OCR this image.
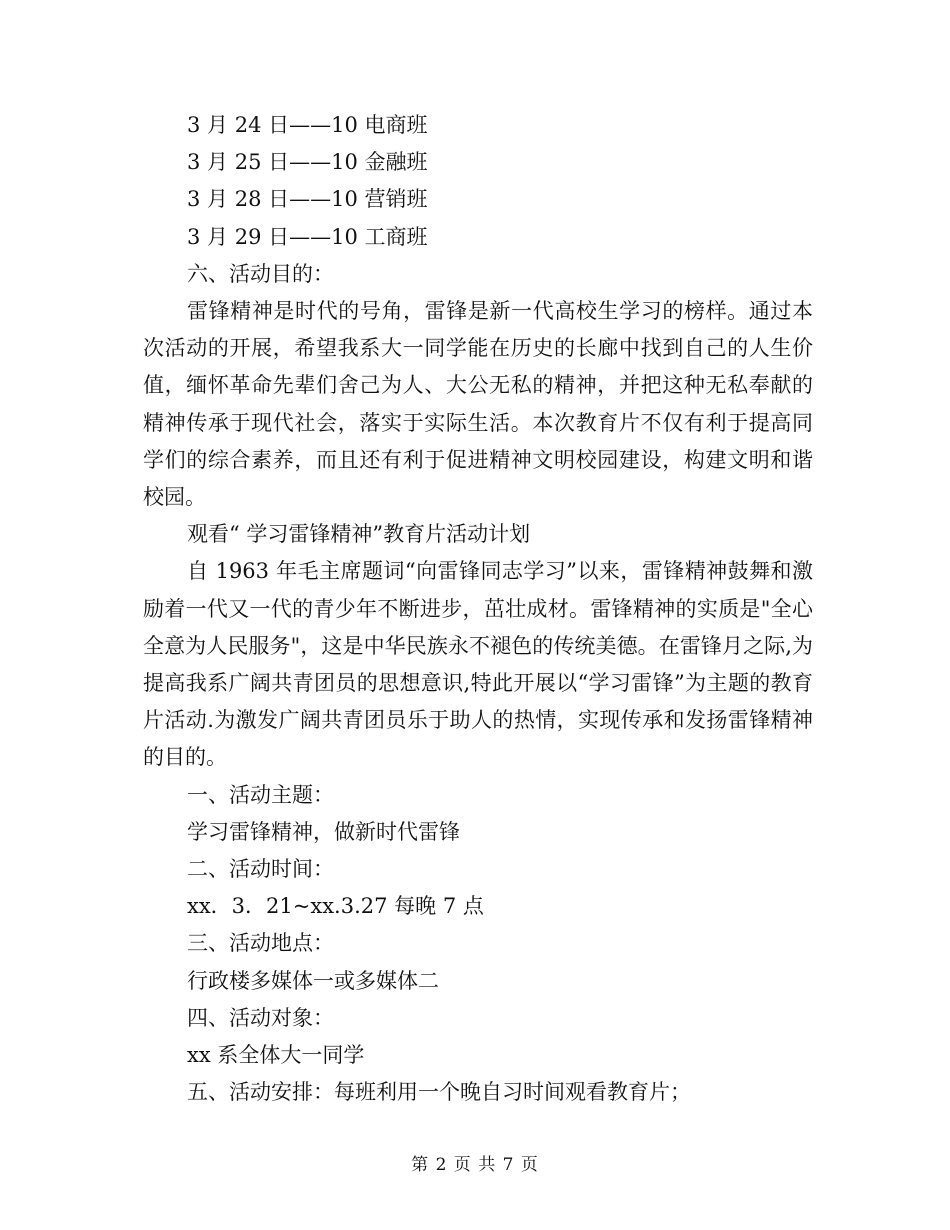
3 月 24 日——10 电商班
3 月 25 日——10 金融班
3 月 28 日——10 营销班
3 月 29 日——10 工商班
六、活动目的：
雷锋精神是时代的号角，雷锋是新一代高校生学习的榜样。通过本次活动的开展，希望我系大一同学能在历史的长廊中找到自己的人生价值，缅怀革命先辈们舍己为人、大公无私的精神，并把这种无私奉献的精神传承于现代社会，落实于实际生活。本次教育片不仅有利于提高同学们的综合素养，而且还有利于促进精神文明校园建设，构建文明和谐校园。
观看“ 学习雷锋精神”教育片活动计划
自 1963 年毛主席题词“向雷锋同志学习”以来，雷锋精神鼓舞和激励着一代又一代的青少年不断进步，茁壮成材。雷锋精神的实质是"全心全意为人民服务"，这是中华民族永不褪色的传统美德。在雷锋月之际,为提高我系广阔共青团员的思想意识,特此开展以“学习雷锋”为主题的教育片活动.为激发广阔共青团员乐于助人的热情，实现传承和发扬雷锋精神的目的。
一、活动主题：
学习雷锋精神，做新时代雷锋
二、活动时间：
xx．3．21~xx.3.27 每晚 7 点
三、活动地点：
行政楼多媒体一或多媒体二
四、活动对象：
xx 系全体大一同学
五、活动安排：每班利用一个晚自习时间观看教育片；
第 2 页 共 7 页
